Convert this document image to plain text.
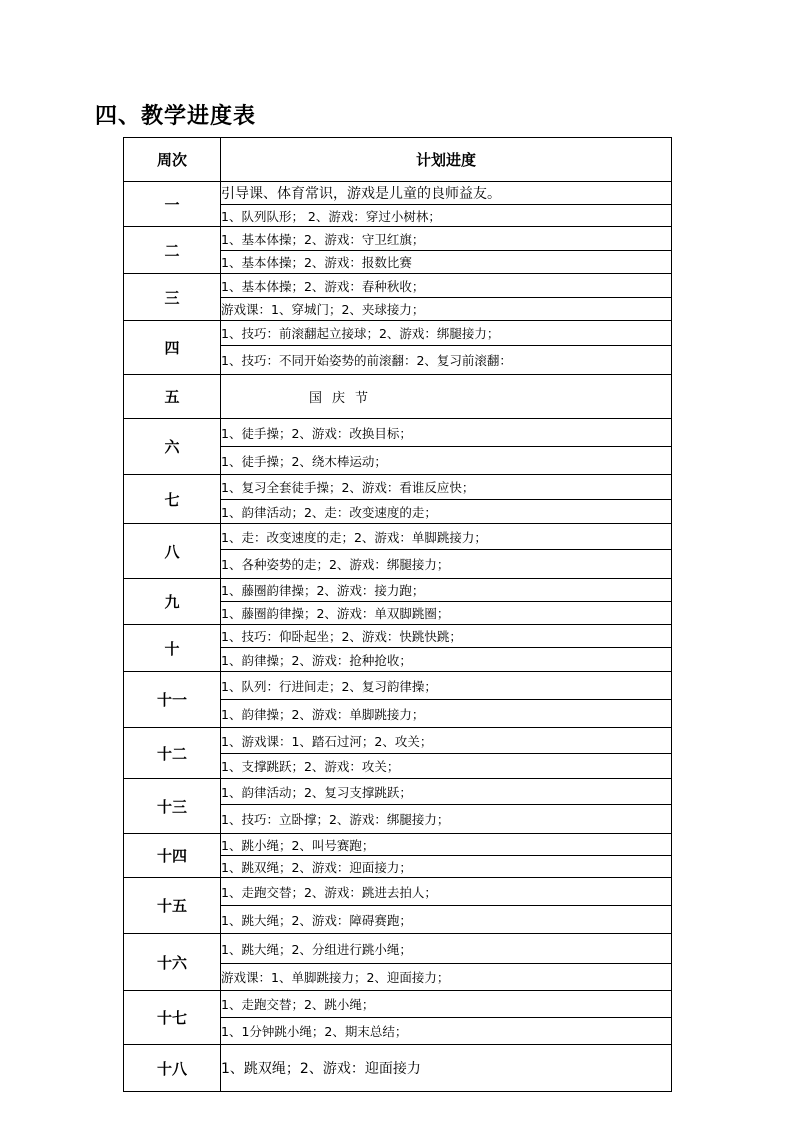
四、教学进度表
周次	计划进度
一	引导课、体育常识，游戏是儿童的良师益友。
	1、队列队形； 2、游戏：穿过小树林；
二	1、基本体操；2、游戏：守卫红旗；
	1、基本体操；2、游戏：报数比赛
三	1、基本体操；2、游戏：春种秋收；
	游戏课：1、穿城门；2、夹球接力；
四	1、技巧：前滚翻起立接球；2、游戏：绑腿接力；
	1、技巧：不同开始姿势的前滚翻：2、复习前滚翻：
五	国庆节
六	1、徒手操；2、游戏：改换目标；
	1、徒手操；2、绕木棒运动；
七	1、复习全套徒手操；2、游戏：看谁反应快；
	1、韵律活动；2、走：改变速度的走；
八	1、走：改变速度的走；2、游戏：单脚跳接力；
	1、各种姿势的走；2、游戏：绑腿接力；
九	1、藤圈韵律操；2、游戏：接力跑；
	1、藤圈韵律操；2、游戏：单双脚跳圈；
十	1、技巧：仰卧起坐；2、游戏：快跳快跳；
	1、韵律操；2、游戏：抢种抢收；
十一	1、队列：行进间走；2、复习韵律操；
	1、韵律操；2、游戏：单脚跳接力；
十二	1、游戏课：1、踏石过河；2、攻关；
	1、支撑跳跃；2、游戏：攻关；
十三	1、韵律活动；2、复习支撑跳跃；
	1、技巧：立卧撑；2、游戏：绑腿接力；
十四	1、跳小绳；2、叫号赛跑；
	1、跳双绳；2、游戏：迎面接力；
十五	1、走跑交替；2、游戏：跳进去拍人；
	1、跳大绳；2、游戏：障碍赛跑；
十六	1、跳大绳；2、分组进行跳小绳；
	游戏课：1、单脚跳接力；2、迎面接力；
十七	1、走跑交替；2、跳小绳；
	1、1分钟跳小绳；2、期末总结；
十八	1、跳双绳；2、游戏：迎面接力
